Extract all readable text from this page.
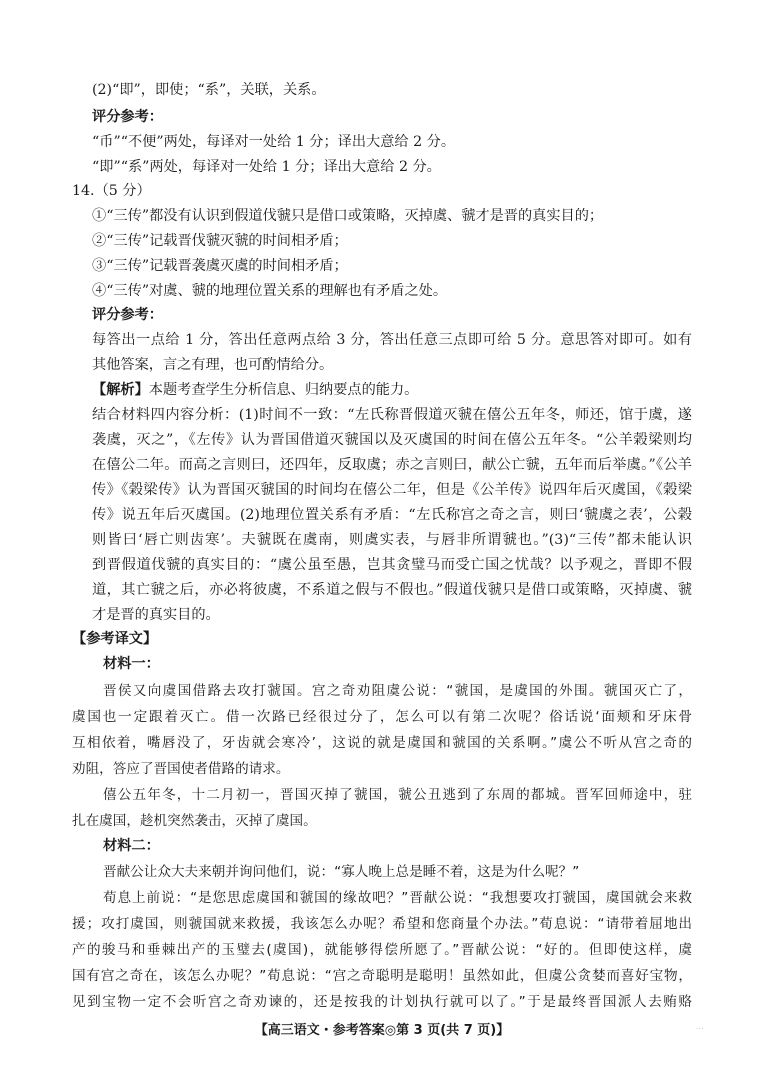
(2)“即”，即使；“系”，关联，关系。
评分参考：
“币”“不便”两处，每译对一处给 1 分；译出大意给 2 分。
“即”“系”两处，每译对一处给 1 分；译出大意给 2 分。
14.（5 分）
①“三传”都没有认识到假道伐虢只是借口或策略，灭掉虞、虢才是晋的真实目的；
②“三传”记载晋伐虢灭虢的时间相矛盾；
③“三传”记载晋袭虞灭虞的时间相矛盾；
④“三传”对虞、虢的地理位置关系的理解也有矛盾之处。
评分参考：
每答出一点给 1 分，答出任意两点给 3 分，答出任意三点即可给 5 分。意思答对即可。如有
其他答案，言之有理，也可酌情给分。
【解析】本题考查学生分析信息、归纳要点的能力。
结合材料四内容分析：(1)时间不一致：“左氏称晋假道灭虢在僖公五年冬，师还，馆于虞，遂
袭虞，灭之”，《左传》认为晋国借道灭虢国以及灭虞国的时间在僖公五年冬。“公羊榖梁则均
在僖公二年。而高之言则曰，还四年，反取虞；赤之言则曰，献公亡虢，五年而后举虞。”《公羊
传》《榖梁传》认为晋国灭虢国的时间均在僖公二年，但是《公羊传》说四年后灭虞国，《榖梁
传》说五年后灭虞国。(2)地理位置关系有矛盾：“左氏称宫之奇之言，则曰‘虢虞之表’，公榖
则皆曰‘唇亡则齿寒’。夫虢既在虞南，则虞实表，与唇非所谓虢也。”(3)“三传”都未能认识
到晋假道伐虢的真实目的：“虞公虽至愚，岂其贪璧马而受亡国之忧哉？以予观之，晋即不假
道，其亡虢之后，亦必将彼虞，不系道之假与不假也。”假道伐虢只是借口或策略，灭掉虞、虢
才是晋的真实目的。
【参考译文】
材料一：
晋侯又向虞国借路去攻打虢国。宫之奇劝阻虞公说：“虢国，是虞国的外围。虢国灭亡了，
虞国也一定跟着灭亡。借一次路已经很过分了，怎么可以有第二次呢？俗话说‘面颊和牙床骨
互相依着，嘴唇没了，牙齿就会寒冷’，这说的就是虞国和虢国的关系啊。”虞公不听从宫之奇的
劝阻，答应了晋国使者借路的请求。
僖公五年冬，十二月初一，晋国灭掉了虢国，虢公丑逃到了东周的都城。晋军回师途中，驻
扎在虞国，趁机突然袭击，灭掉了虞国。
材料二：
晋献公让众大夫来朝并询问他们，说：“寡人晚上总是睡不着，这是为什么呢？”
荀息上前说：“是您思虑虞国和虢国的缘故吧？”晋献公说：“我想要攻打虢国，虞国就会来救
援；攻打虞国，则虢国就来救援，我该怎么办呢？希望和您商量个办法。”荀息说：“请带着屈地出
产的骏马和垂棘出产的玉璧去(虞国)，就能够得偿所愿了。”晋献公说：“好的。但即使这样，虞
国有宫之奇在，该怎么办呢？”荀息说：“宫之奇聪明是聪明！虽然如此，但虞公贪婪而喜好宝物，
见到宝物一定不会听宫之奇劝谏的，还是按我的计划执行就可以了。”于是最终晋国派人去贿赂
【高三语文・参考答案◎第 3 页(共 7 页)】	...
